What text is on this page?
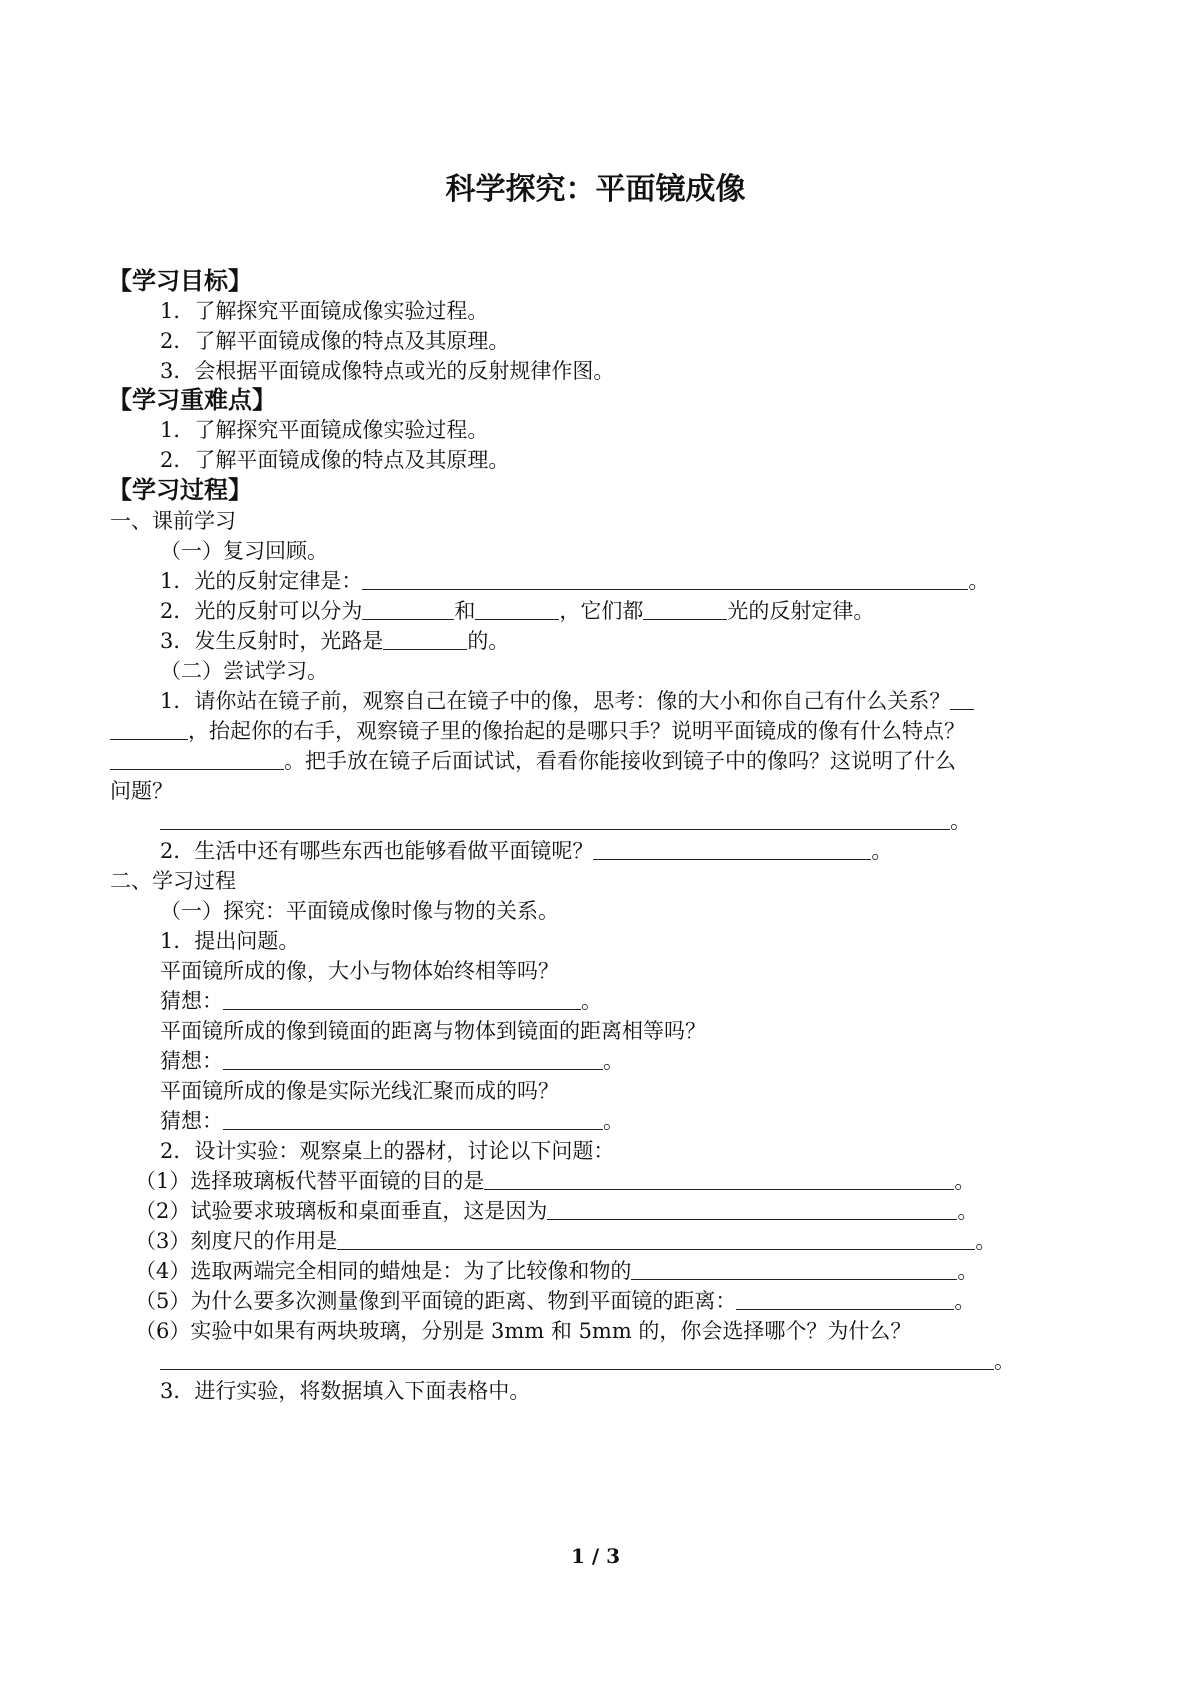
科学探究：平面镜成像
【学习目标】
1．了解探究平面镜成像实验过程。
2．了解平面镜成像的特点及其原理。
3．会根据平面镜成像特点或光的反射规律作图。
【学习重难点】
1．了解探究平面镜成像实验过程。
2．了解平面镜成像的特点及其原理。
【学习过程】
一、课前学习
（一）复习回顾。
1．光的反射定律是：	。
2．光的反射可以分为	和	，它们都	光的反射定律。
3．发生反射时，光路是	的。
（二）尝试学习。
1．请你站在镜子前，观察自己在镜子中的像，思考：像的大小和你自己有什么关系？
，抬起你的右手，观察镜子里的像抬起的是哪只手？说明平面镜成的像有什么特点？
。把手放在镜子后面试试，看看你能接收到镜子中的像吗？这说明了什么
问题？
。
2．生活中还有哪些东西也能够看做平面镜呢？	。
二、学习过程
（一）探究：平面镜成像时像与物的关系。
1．提出问题。
平面镜所成的像，大小与物体始终相等吗？
猜想：	。
平面镜所成的像到镜面的距离与物体到镜面的距离相等吗？
猜想：	。
平面镜所成的像是实际光线汇聚而成的吗？
猜想：	。
2．设计实验：观察桌上的器材，讨论以下问题：
（1）选择玻璃板代替平面镜的目的是	。
（2）试验要求玻璃板和桌面垂直，这是因为	。
（3）刻度尺的作用是	。
（4）选取两端完全相同的蜡烛是：为了比较像和物的	。
（5）为什么要多次测量像到平面镜的距离、物到平面镜的距离：	。
（6）实验中如果有两块玻璃，分别是 3mm 和 5mm 的，你会选择哪个？为什么？
。
3．进行实验，将数据填入下面表格中。
1 / 3
